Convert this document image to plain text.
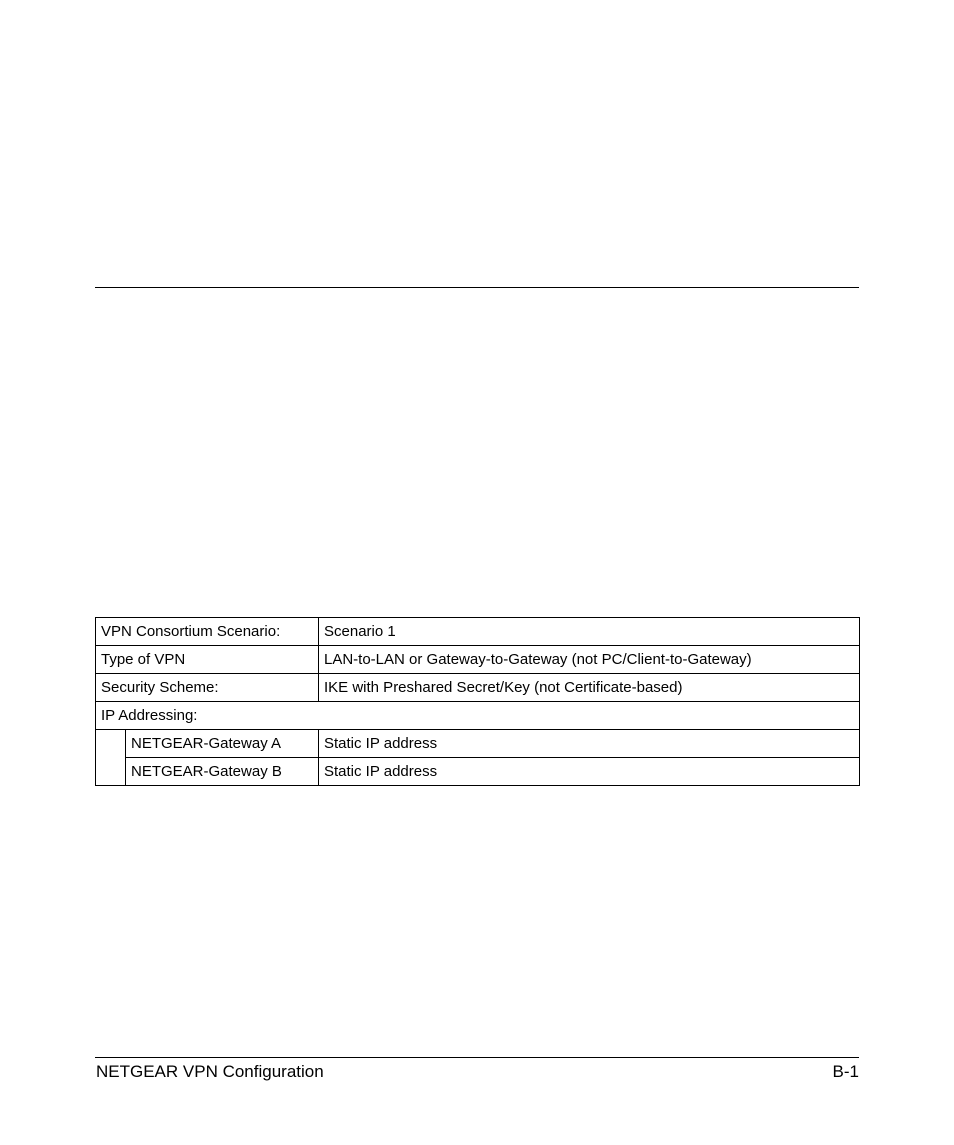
VPN Consortium Scenario:		Scenario 1
Type of VPN		LAN-to-LAN or Gateway-to-Gateway (not PC/Client-to-Gateway)
Security Scheme:		IKE with Preshared Secret/Key (not Certificate-based)
IP Addressing:		
	NETGEAR-Gateway A	Static IP address
	NETGEAR-Gateway B	Static IP address
NETGEAR VPN Configuration	B-1
